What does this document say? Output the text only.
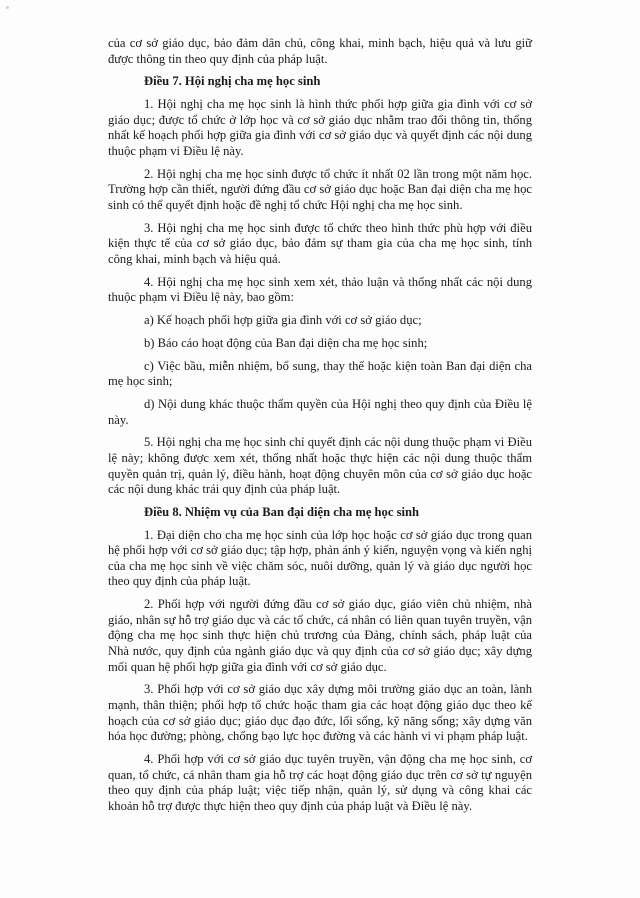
của cơ sở giáo dục, bảo đảm dân chủ, công khai, minh bạch, hiệu quả và lưu giữ được thông tin theo quy định của pháp luật.

Điều 7. Hội nghị cha mẹ học sinh

1. Hội nghị cha mẹ học sinh là hình thức phối hợp giữa gia đình với cơ sở giáo dục; được tổ chức ở lớp học và cơ sở giáo dục nhằm trao đổi thông tin, thống nhất kế hoạch phối hợp giữa gia đình với cơ sở giáo dục và quyết định các nội dung thuộc phạm vi Điều lệ này.

2. Hội nghị cha mẹ học sinh được tổ chức ít nhất 02 lần trong một năm học. Trường hợp cần thiết, người đứng đầu cơ sở giáo dục hoặc Ban đại diện cha mẹ học sinh có thể quyết định hoặc đề nghị tổ chức Hội nghị cha mẹ học sinh.

3. Hội nghị cha mẹ học sinh được tổ chức theo hình thức phù hợp với điều kiện thực tế của cơ sở giáo dục, bảo đảm sự tham gia của cha mẹ học sinh, tính công khai, minh bạch và hiệu quả.

4. Hội nghị cha mẹ học sinh xem xét, thảo luận và thống nhất các nội dung thuộc phạm vi Điều lệ này, bao gồm:

a) Kế hoạch phối hợp giữa gia đình với cơ sở giáo dục;

b) Báo cáo hoạt động của Ban đại diện cha mẹ học sinh;

c) Việc bầu, miễn nhiệm, bổ sung, thay thế hoặc kiện toàn Ban đại diện cha mẹ học sinh;

d) Nội dung khác thuộc thẩm quyền của Hội nghị theo quy định của Điều lệ này.

5. Hội nghị cha mẹ học sinh chỉ quyết định các nội dung thuộc phạm vi Điều lệ này; không được xem xét, thống nhất hoặc thực hiện các nội dung thuộc thẩm quyền quản trị, quản lý, điều hành, hoạt động chuyên môn của cơ sở giáo dục hoặc các nội dung khác trái quy định của pháp luật.

Điều 8. Nhiệm vụ của Ban đại diện cha mẹ học sinh

1. Đại diện cho cha mẹ học sinh của lớp học hoặc cơ sở giáo dục trong quan hệ phối hợp với cơ sở giáo dục; tập hợp, phản ánh ý kiến, nguyện vọng và kiến nghị của cha mẹ học sinh về việc chăm sóc, nuôi dưỡng, quản lý và giáo dục người học theo quy định của pháp luật.

2. Phối hợp với người đứng đầu cơ sở giáo dục, giáo viên chủ nhiệm, nhà giáo, nhân sự hỗ trợ giáo dục và các tổ chức, cá nhân có liên quan tuyên truyền, vận động cha mẹ học sinh thực hiện chủ trương của Đảng, chính sách, pháp luật của Nhà nước, quy định của ngành giáo dục và quy định của cơ sở giáo dục; xây dựng mối quan hệ phối hợp giữa gia đình với cơ sở giáo dục.

3. Phối hợp với cơ sở giáo dục xây dựng môi trường giáo dục an toàn, lành mạnh, thân thiện; phối hợp tổ chức hoặc tham gia các hoạt động giáo dục theo kế hoạch của cơ sở giáo dục; giáo dục đạo đức, lối sống, kỹ năng sống; xây dựng văn hóa học đường; phòng, chống bạo lực học đường và các hành vi vi phạm pháp luật.

4. Phối hợp với cơ sở giáo dục tuyên truyền, vận động cha mẹ học sinh, cơ quan, tổ chức, cá nhân tham gia hỗ trợ các hoạt động giáo dục trên cơ sở tự nguyện theo quy định của pháp luật; việc tiếp nhận, quản lý, sử dụng và công khai các khoản hỗ trợ được thực hiện theo quy định của pháp luật và Điều lệ này.
